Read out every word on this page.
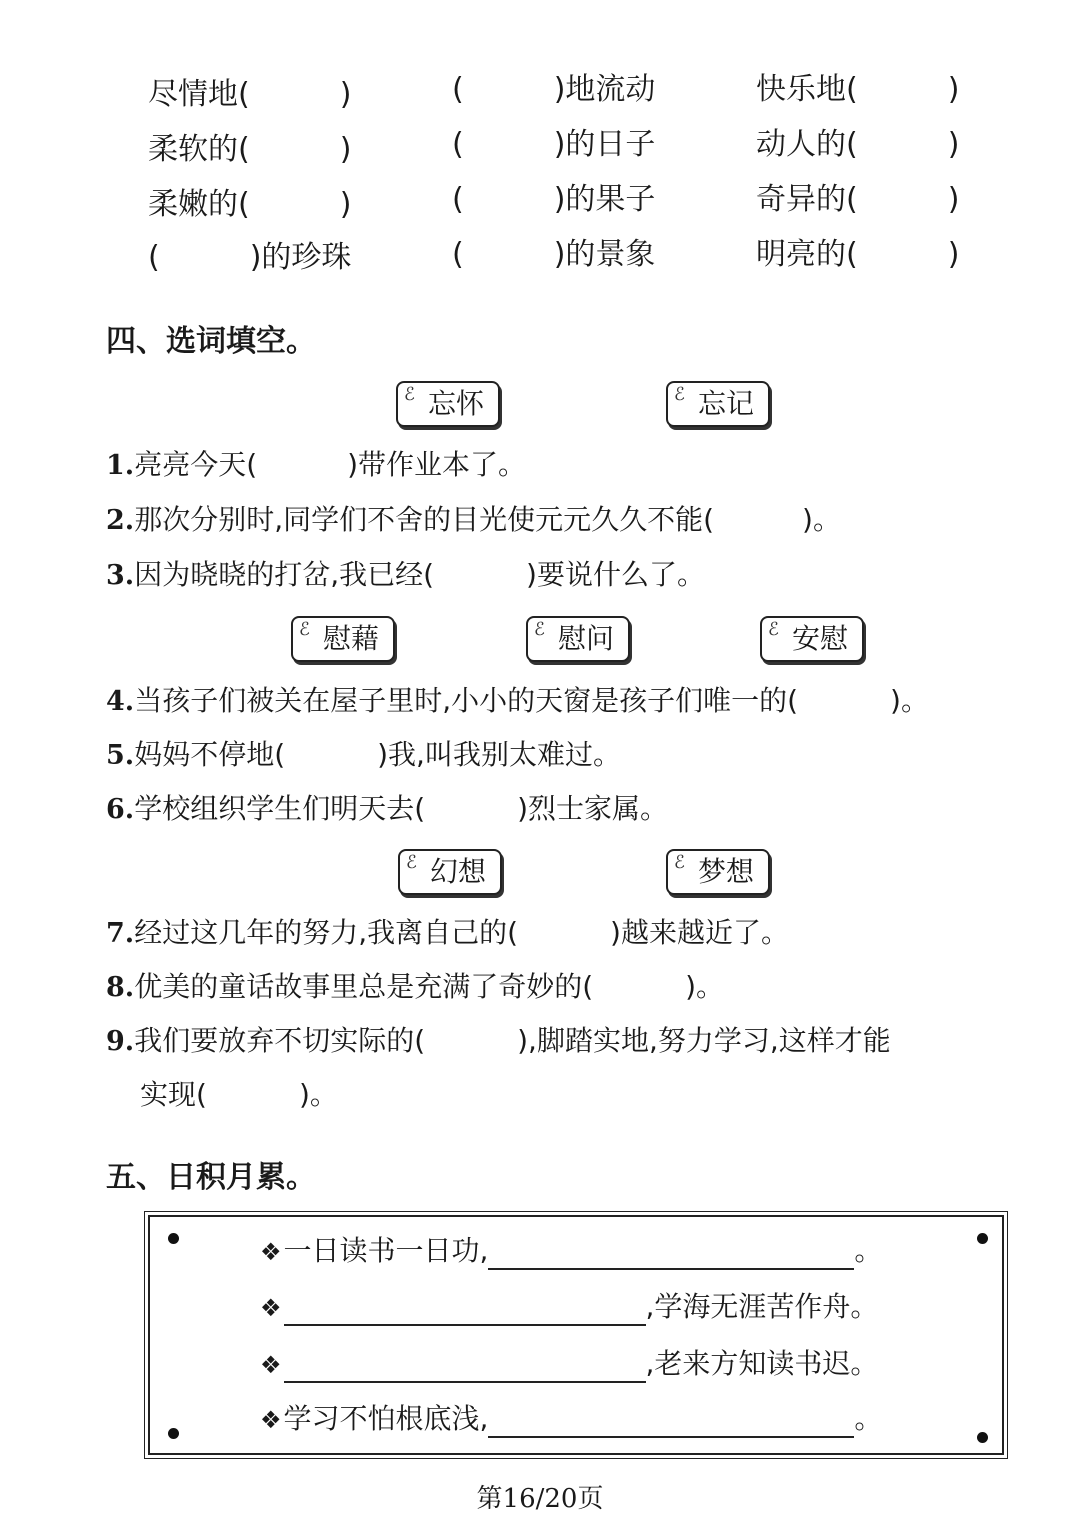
尽情地(　　　)	(　　　)地流动	快乐地(　　　)
柔软的(　　　)	(　　　)的日子	动人的(　　　)
柔嫩的(　　　)	(　　　)的果子	奇异的(　　　)
(　　　)的珍珠	(　　　)的景象	明亮的(　　　)
四、选词填空。
ℰ 忘怀	ℰ 忘记
1.亮亮今天(	)带作业本了。
2.那次分别时,同学们不舍的目光使元元久久不能(	)。
3.因为晓晓的打岔,我已经(	)要说什么了。
ℰ 慰藉	ℰ 慰问	ℰ 安慰
4.当孩子们被关在屋子里时,小小的天窗是孩子们唯一的(	)。
5.妈妈不停地(	)我,叫我别太难过。
6.学校组织学生们明天去(	)烈士家属。
ℰ 幻想	ℰ 梦想
7.经过这几年的努力,我离自己的(	)越来越近了。
8.优美的童话故事里总是充满了奇妙的(	)。
9.我们要放弃不切实际的(	),脚踏实地,努力学习,这样才能
实现(	)。
五、日积月累。
❖一日读书一日功,	。
❖	,学海无涯苦作舟。
❖	,老来方知读书迟。
❖学习不怕根底浅,	。
第16/20页
